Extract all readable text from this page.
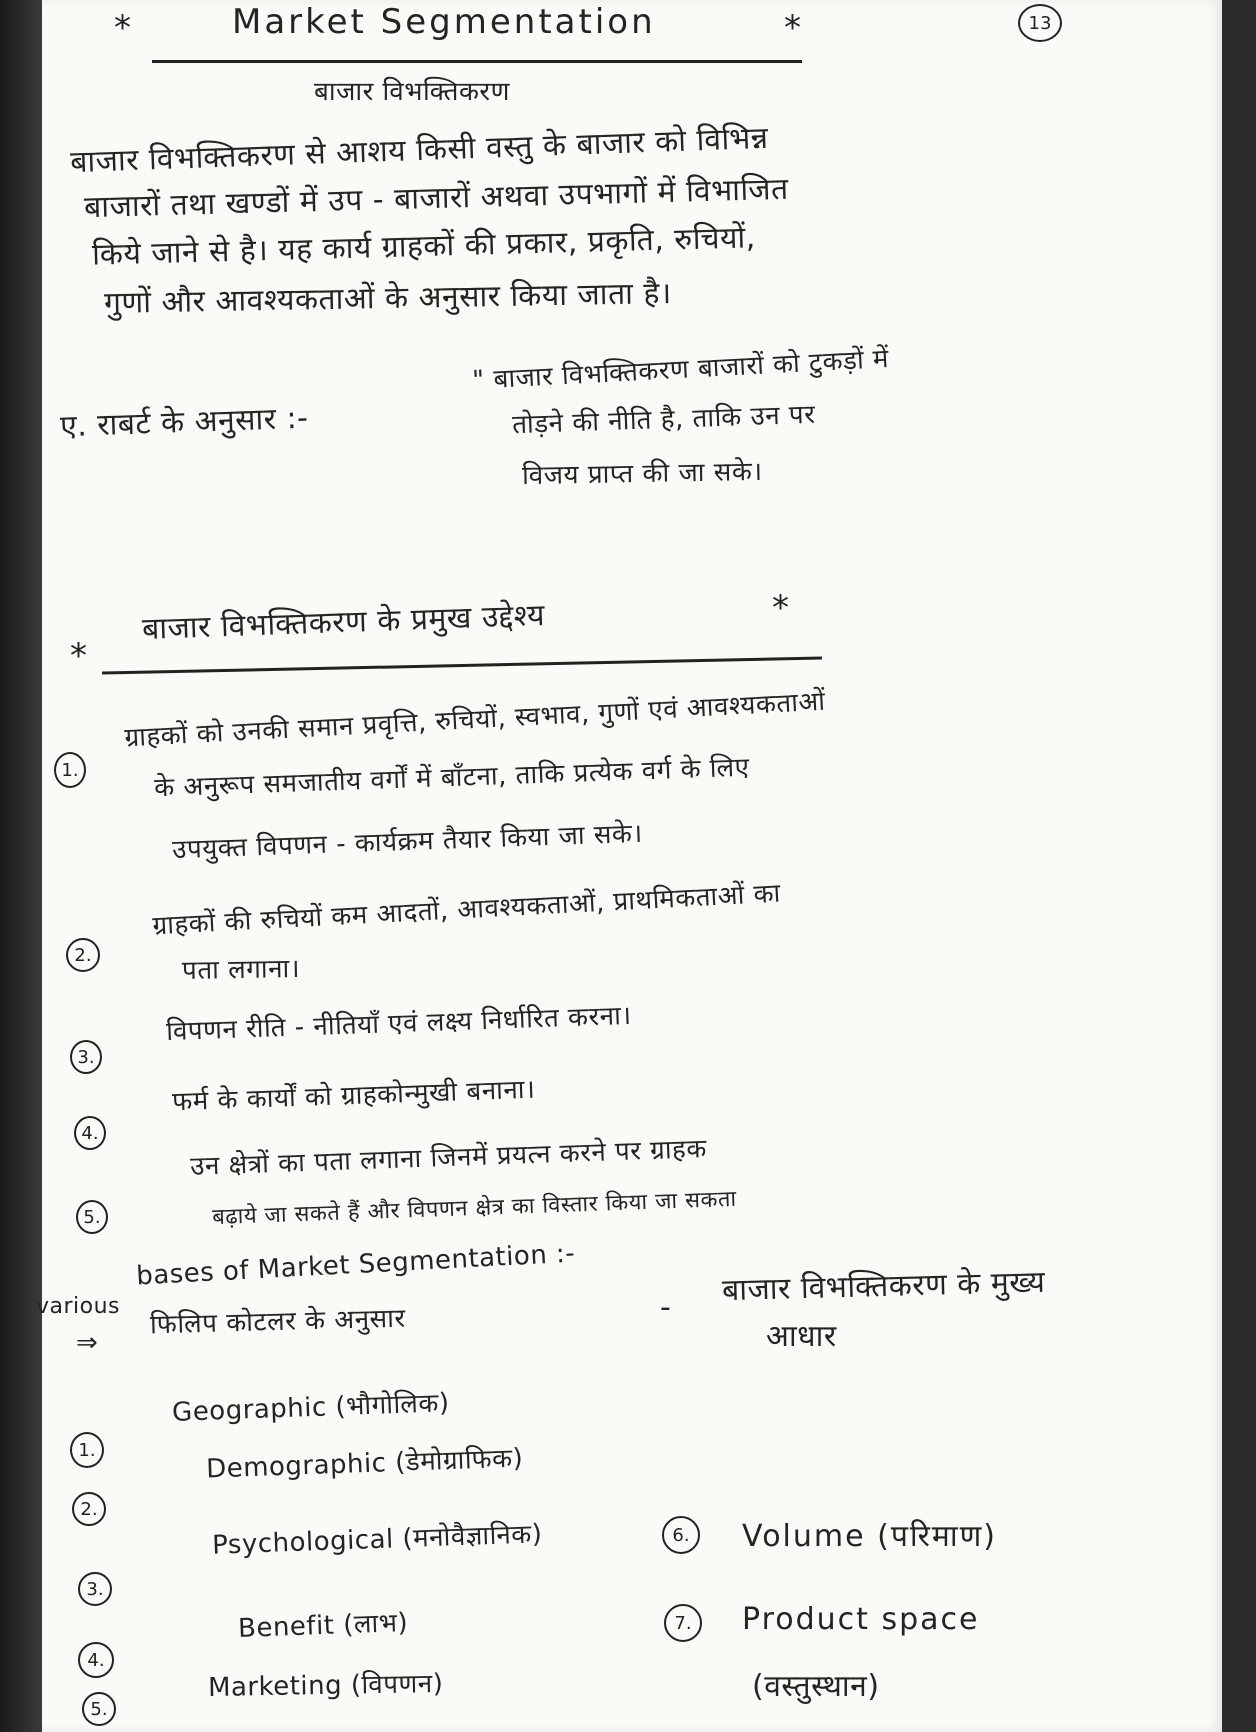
*	Market Segmentation	*	13
बाजार विभक्तिकरण
बाजार विभक्तिकरण से आशय किसी वस्तु के बाजार को विभिन्न
बाजारों तथा खण्डों में उप - बाजारों अथवा उपभागों में विभाजित
किये जाने से है। यह कार्य ग्राहकों की प्रकार, प्रकृति, रुचियों,
गुणों और आवश्यकताओं के अनुसार किया जाता है।
ए. राबर्ट के अनुसार :-
" बाजार विभक्तिकरण बाजारों को टुकड़ों में
तोड़ने की नीति है, ताकि उन पर
विजय प्राप्त की जा सके।
*
बाजार विभक्तिकरण के प्रमुख उद्देश्य	*
1.
ग्राहकों को उनकी समान प्रवृत्ति, रुचियों, स्वभाव, गुणों एवं आवश्यकताओं
के अनुरूप समजातीय वर्गों में बाँटना, ताकि प्रत्येक वर्ग के लिए
उपयुक्त विपणन - कार्यक्रम तैयार किया जा सके।
2.
ग्राहकों की रुचियों कम आदतों, आवश्यकताओं, प्राथमिकताओं का
पता लगाना।
3.
विपणन रीति - नीतियाँ एवं लक्ष्य निर्धारित करना।
4.
फर्म के कार्यों को ग्राहकोन्मुखी बनाना।
5.
उन क्षेत्रों का पता लगाना जिनमें प्रयत्न करने पर ग्राहक
बढ़ाये जा सकते हैं और विपणन क्षेत्र का विस्तार किया जा सकता
various
⇒
bases of Market Segmentation :-
फिलिप कोटलर के अनुसार	- बाजार विभक्तिकरण के मुख्य
आधार
1.
Geographic (भौगोलिक)
2.
Demographic (डेमोग्राफिक)
3.
Psychological (मनोवैज्ञानिक)
4.
Benefit (लाभ)
5.
Marketing (विपणन)
6.	Volume (परिमाण)
7.	Product space
(वस्तुस्थान)
